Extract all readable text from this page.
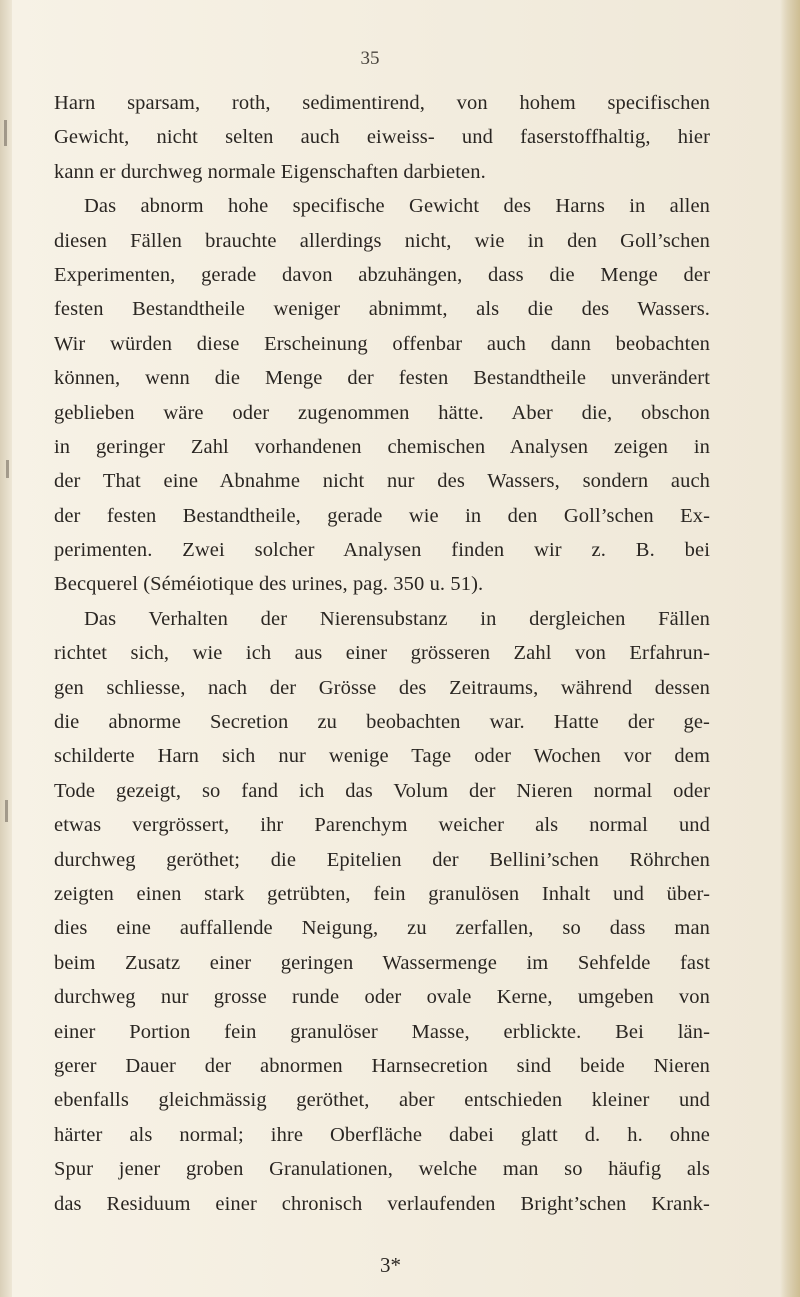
35
Harn sparsam, roth, sedimentirend, von hohem specifischen
Gewicht, nicht selten auch eiweiss- und faserstoffhaltig, hier
kann er durchweg normale Eigenschaften darbieten.
Das abnorm hohe specifische Gewicht des Harns in allen
diesen Fällen brauchte allerdings nicht, wie in den Goll’schen
Experimenten, gerade davon abzuhängen, dass die Menge der
festen Bestandtheile weniger abnimmt, als die des Wassers.
Wir würden diese Erscheinung offenbar auch dann beobachten
können, wenn die Menge der festen Bestandtheile unverändert
geblieben wäre oder zugenommen hätte. Aber die, obschon
in geringer Zahl vorhandenen chemischen Analysen zeigen in
der That eine Abnahme nicht nur des Wassers, sondern auch
der festen Bestandtheile, gerade wie in den Goll’schen Ex-
perimenten. Zwei solcher Analysen finden wir z. B. bei
Becquerel (Séméiotique des urines, pag. 350 u. 51).
Das Verhalten der Nierensubstanz in dergleichen Fällen
richtet sich, wie ich aus einer grösseren Zahl von Erfahrun-
gen schliesse, nach der Grösse des Zeitraums, während dessen
die abnorme Secretion zu beobachten war. Hatte der ge-
schilderte Harn sich nur wenige Tage oder Wochen vor dem
Tode gezeigt, so fand ich das Volum der Nieren normal oder
etwas vergrössert, ihr Parenchym weicher als normal und
durchweg geröthet; die Epitelien der Bellini’schen Röhrchen
zeigten einen stark getrübten, fein granulösen Inhalt und über-
dies eine auffallende Neigung, zu zerfallen, so dass man
beim Zusatz einer geringen Wassermenge im Sehfelde fast
durchweg nur grosse runde oder ovale Kerne, umgeben von
einer Portion fein granulöser Masse, erblickte. Bei län-
gerer Dauer der abnormen Harnsecretion sind beide Nieren
ebenfalls gleichmässig geröthet, aber entschieden kleiner und
härter als normal; ihre Oberfläche dabei glatt d. h. ohne
Spur jener groben Granulationen, welche man so häufig als
das Residuum einer chronisch verlaufenden Bright’schen Krank-
3*
